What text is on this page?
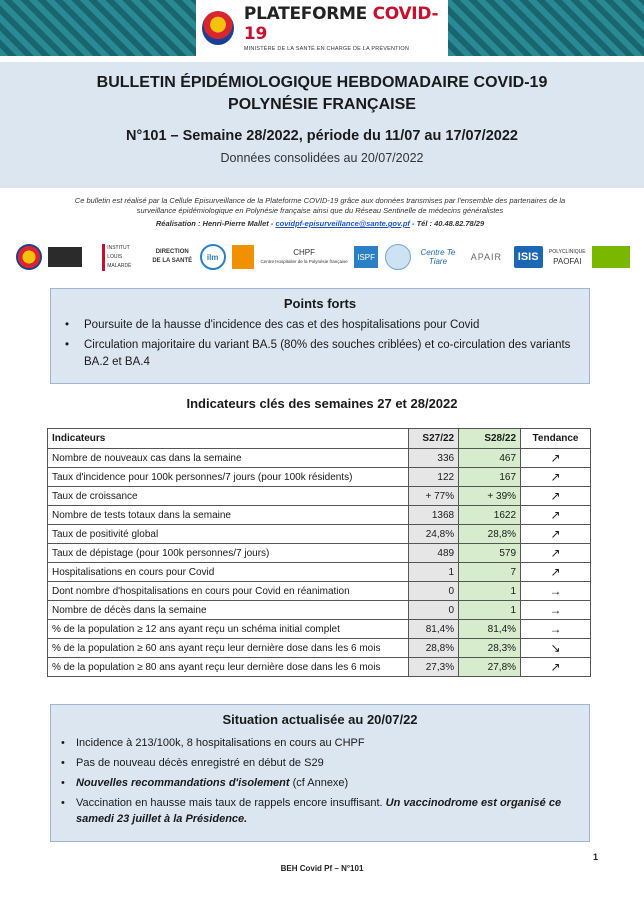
PLATEFORME COVID-19
MINISTÈRE DE LA SANTÉ EN CHARGE DE LA PRÉVENTION
BULLETIN ÉPIDÉMIOLOGIQUE HEBDOMADAIRE COVID-19
POLYNÉSIE FRANÇAISE
N°101 – Semaine 28/2022, période du 11/07 au 17/07/2022
Données consolidées au 20/07/2022
Ce bulletin est réalisé par la Cellule Episurveillance de la Plateforme COVID-19 grâce aux données transmises par l'ensemble des partenaires de la surveillance épidémiologique en Polynésie française ainsi que du Réseau Sentinelle de médecins généralistes
Réalisation : Henri-Pierre Mallet - covidpf-episurveillance@sante.gov.pf - Tél : 40.48.82.78/29
INSTITUT
LOUIS
MALARDÉ
DIRECTION DE LA SANTÉ	ilm	CHPF
Centre Hospitalier de la Polynésie française	ISPF	Centre Te Tiare	APAIR	ISIS	POLYCLINIQUE
PAOFAI
Points forts
• Poursuite de la hausse d'incidence des cas et des hospitalisations pour Covid
• Circulation majoritaire du variant BA.5 (80% des souches criblées) et co-circulation des variants BA.2 et BA.4
Indicateurs clés des semaines 27 et 28/2022
Indicateurs	S27/22	S28/22	Tendance
Nombre de nouveaux cas dans la semaine	336	467	↗
Taux d'incidence pour 100k personnes/7 jours (pour 100k résidents)	122	167	↗
Taux de croissance	+ 77%	+ 39%	↗
Nombre de tests totaux dans la semaine	1368	1622	↗
Taux de positivité global	24,8%	28,8%	↗
Taux de dépistage (pour 100k personnes/7 jours)	489	579	↗
Hospitalisations en cours pour Covid	1	7	↗
Dont nombre d'hospitalisations en cours pour Covid en réanimation	0	1	→
Nombre de décès dans la semaine	0	1	→
% de la population ≥ 12 ans ayant reçu un schéma initial complet	81,4%	81,4%	→
% de la population ≥ 60 ans ayant reçu leur dernière dose dans les 6 mois	28,8%	28,3%	↘
% de la population ≥ 80 ans ayant reçu leur dernière dose dans les 6 mois	27,3%	27,8%	↗
Situation actualisée au 20/07/22
• Incidence à 213/100k, 8 hospitalisations en cours au CHPF
• Pas de nouveau décès enregistré en début de S29
• Nouvelles recommandations d'isolement (cf Annexe)
• Vaccination en hausse mais taux de rappels encore insuffisant. Un vaccinodrome est organisé ce samedi 23 juillet à la Présidence.
1
BEH Covid Pf – N°101
